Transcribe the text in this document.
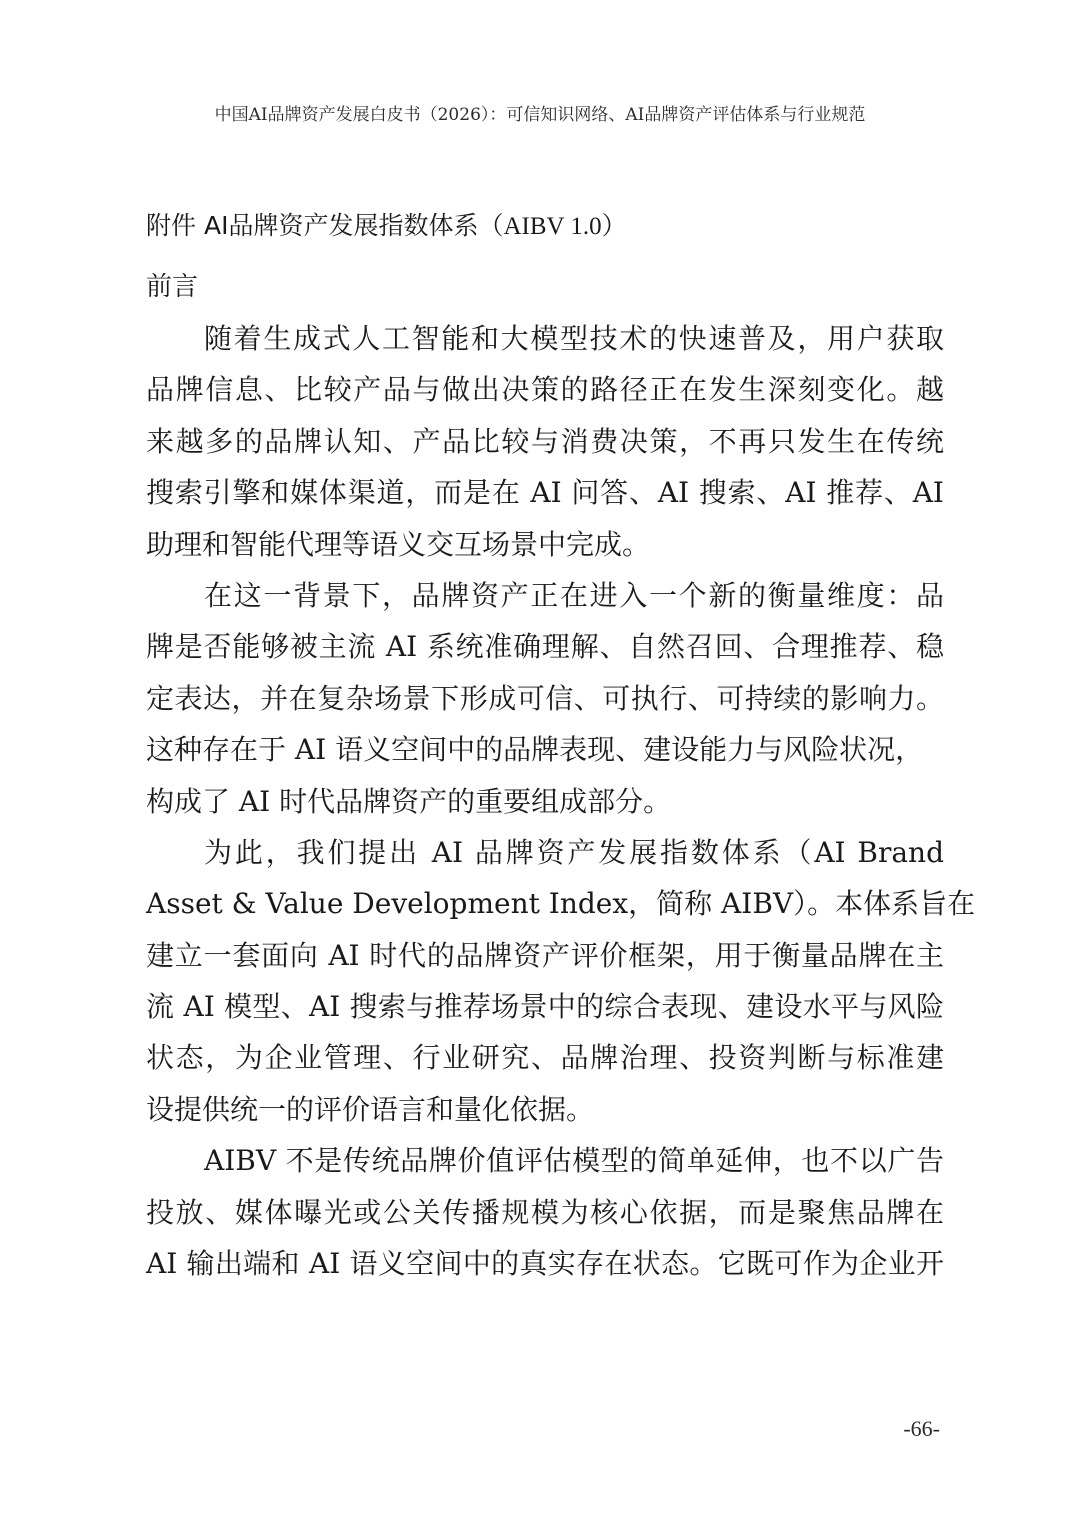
中国AI品牌资产发展白皮书（2026）：可信知识网络、AI品牌资产评估体系与行业规范
附件 AI品牌资产发展指数体系（AIBV 1.0）
前言
随着生成式人工智能和大模型技术的快速普及，用户获取
品牌信息、比较产品与做出决策的路径正在发生深刻变化。越
来越多的品牌认知、产品比较与消费决策，不再只发生在传统
搜索引擎和媒体渠道，而是在 AI 问答、AI 搜索、AI 推荐、AI
助理和智能代理等语义交互场景中完成。
在这一背景下，品牌资产正在进入一个新的衡量维度：品
牌是否能够被主流 AI 系统准确理解、自然召回、合理推荐、稳
定表达，并在复杂场景下形成可信、可执行、可持续的影响力。
这种存在于 AI 语义空间中的品牌表现、建设能力与风险状况，
构成了 AI 时代品牌资产的重要组成部分。
为此，我们提出 AI 品牌资产发展指数体系（AI Brand
Asset & Value Development Index，简称 AIBV）。本体系旨在
建立一套面向 AI 时代的品牌资产评价框架，用于衡量品牌在主
流 AI 模型、AI 搜索与推荐场景中的综合表现、建设水平与风险
状态，为企业管理、行业研究、品牌治理、投资判断与标准建
设提供统一的评价语言和量化依据。
AIBV 不是传统品牌价值评估模型的简单延伸，也不以广告
投放、媒体曝光或公关传播规模为核心依据，而是聚焦品牌在
AI 输出端和 AI 语义空间中的真实存在状态。它既可作为企业开
-66-
